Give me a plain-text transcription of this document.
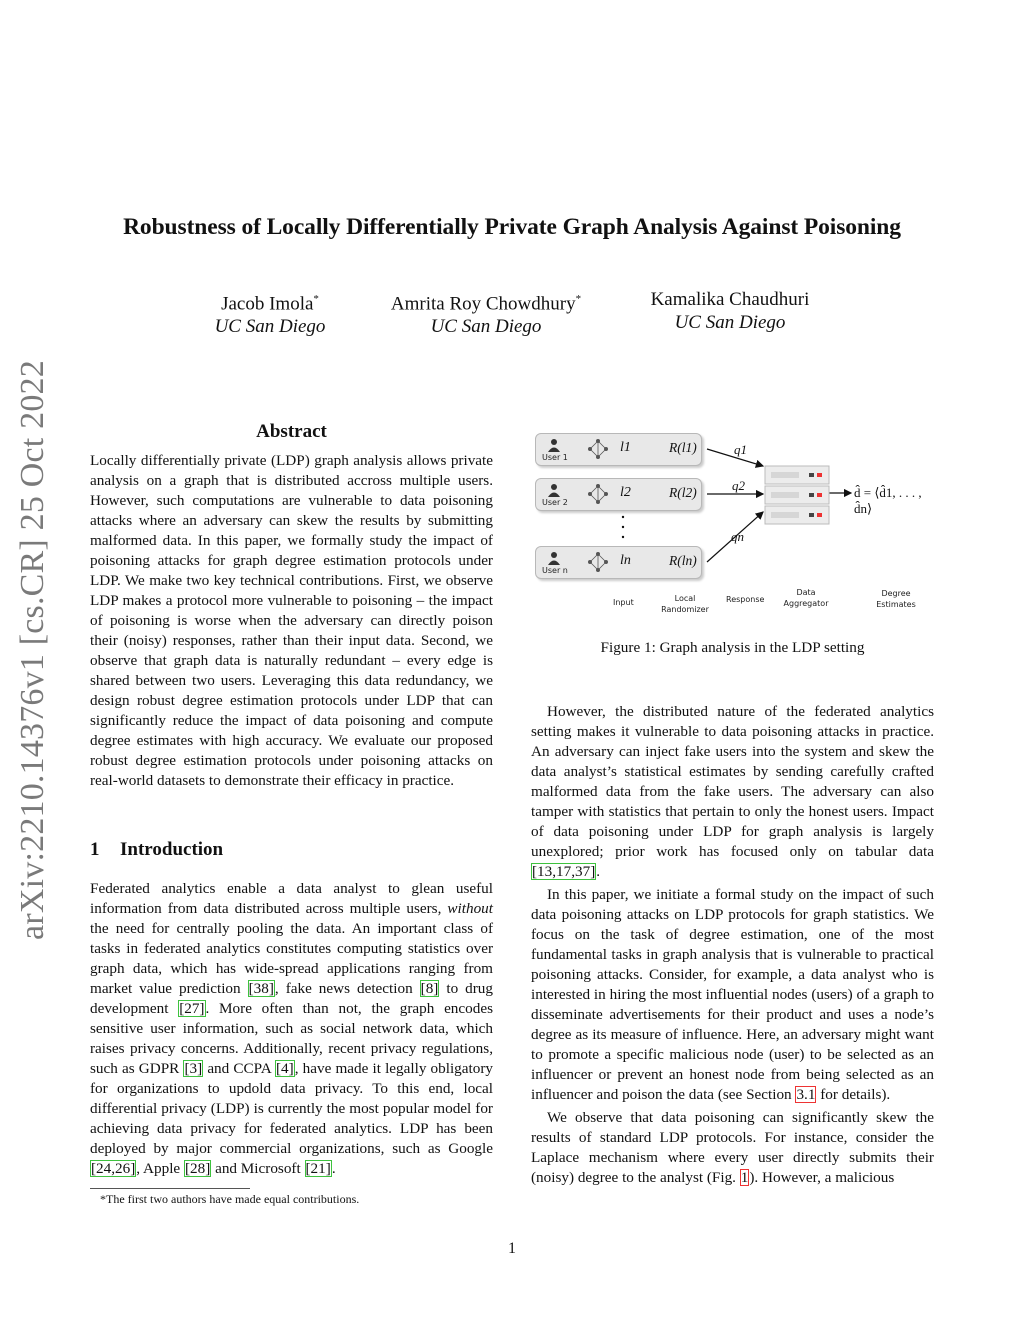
Robustness of Locally Differentially Private Graph Analysis Against Poisoning
Jacob Imola*
UC San Diego
Amrita Roy Chowdhury*
UC San Diego
Kamalika Chaudhuri
UC San Diego
arXiv:2210.14376v1 [cs.CR] 25 Oct 2022	Abstract

Locally differentially private (LDP) graph analysis allows private analysis on a graph that is distributed accross multiple users. However, such computations are vulnerable to data poisoning attacks where an adversary can skew the results by submitting malformed data. In this paper, we formally study the impact of poisoning attacks for graph degree estimation protocols under LDP. We make two key technical contributions. First, we observe LDP makes a protocol more vulnerable to poisoning – the impact of poisoning is worse when the adversary can directly poison their (noisy) responses, rather than their input data. Second, we observe that graph data is naturally redundant – every edge is shared between two users. Leveraging this data redundancy, we design robust degree estimation protocols under LDP that can significantly reduce the impact of data poisoning and compute degree estimates with high accuracy. We evaluate our proposed robust degree estimation protocols under poisoning attacks on real-world datasets to demonstrate their efficacy in practice.

1 Introduction

Federated analytics enable a data analyst to glean useful information from data distributed across multiple users, without the need for centrally pooling the data. An important class of tasks in federated analytics constitutes computing statistics over graph data, which has wide-spread applications ranging from market value prediction [38], fake news detection [8] to drug development [27]. More often than not, the graph encodes sensitive user information, such as social network data, which raises privacy concerns. Additionally, recent privacy regulations, such as GDPR [3] and CCPA [4], have made it legally obligatory for organizations to updold data privacy. To this end, local differential privacy (LDP) is currently the most popular model for achieving data privacy for federated analytics. LDP has been deployed by major commercial organizations, such as Google [24,26], Apple [28] and Microsoft [21].

*The first two authors have made equal contributions.
User 1
l1	R(l1)
User 2
l2	R(l2)
User n
ln	R(ln)
q1
q2
qn
d̂ = ⟨d̂1, . . . , d̂n⟩
Input	Local Randomizer
Response
Data Aggregator
Degree Estimates
Figure 1: Graph analysis in the LDP setting

However, the distributed nature of the federated analytics setting makes it vulnerable to data poisoning attacks in practice. An adversary can inject fake users into the system and skew the data analyst’s statistical estimates by sending carefully crafted malformed data from the fake users. The adversary can also tamper with statistics that pertain to only the honest users. Impact of data poisoning under LDP for graph analysis is largely unexplored; prior work has focused only on tabular data [13,17,37].

In this paper, we initiate a formal study on the impact of such data poisoning attacks on LDP protocols for graph statistics. We focus on the task of degree estimation, one of the most fundamental tasks in graph analysis that is vulnerable to practical poisoning attacks. Consider, for example, a data analyst who is interested in hiring the most influential nodes (users) of a graph to disseminate advertisements for their product and uses a node’s degree as its measure of influence. Here, an adversary might want to promote a specific malicious node (user) to be selected as an influencer or prevent an honest node from being selected as an influencer and poison the data (see Section 3.1 for details).

We observe that data poisoning can significantly skew the results of standard LDP protocols. For instance, consider the Laplace mechanism where every user directly submits their (noisy) degree to the analyst (Fig. 1). However, a malicious

1
